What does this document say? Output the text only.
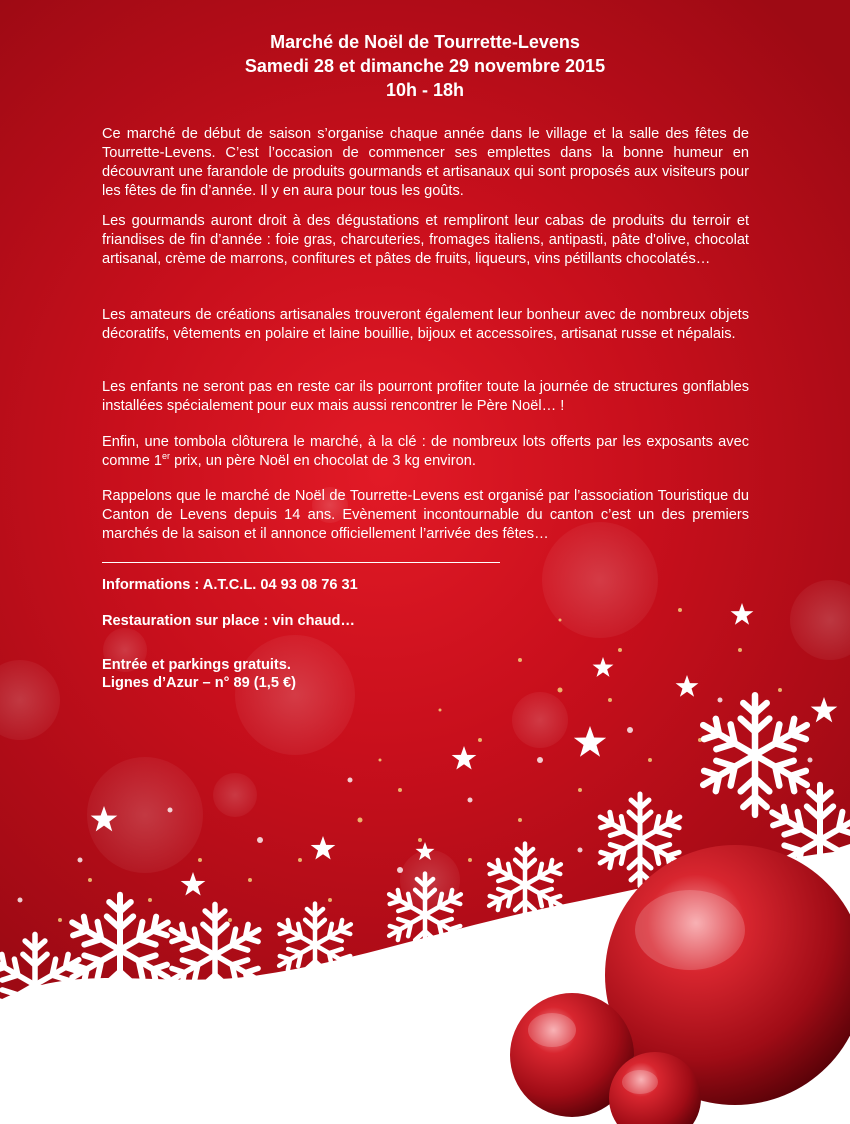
Marché de Noël de Tourrette-Levens
Samedi 28 et dimanche 29 novembre 2015
10h - 18h
Ce marché de début de saison s’organise chaque année dans le village et la salle des fêtes de Tourrette-Levens. C’est l’occasion de commencer ses emplettes dans la bonne humeur en découvrant une farandole de produits gourmands et artisanaux qui sont proposés aux visiteurs pour les fêtes de fin d’année. Il y en aura pour tous les goûts.
Les gourmands auront droit à des dégustations et rempliront leur cabas de produits du terroir et friandises de fin d’année : foie gras, charcuteries, fromages italiens, antipasti, pâte d'olive, chocolat artisanal, crème de marrons, confitures et pâtes de fruits, liqueurs, vins pétillants chocolatés…
Les amateurs de créations artisanales trouveront également leur bonheur avec de nombreux objets décoratifs, vêtements en polaire et laine bouillie, bijoux et accessoires, artisanat russe et népalais.
Les enfants ne seront pas en reste car ils pourront profiter toute la journée de structures gonflables installées spécialement pour eux mais aussi rencontrer le Père Noël… !
Enfin, une tombola clôturera le marché, à la clé : de nombreux lots offerts par les exposants avec comme 1er prix, un père Noël en chocolat de 3 kg environ.
Rappelons que le marché de Noël de Tourrette-Levens est organisé par l’association Touristique du Canton de Levens depuis 14 ans. Evènement incontournable du canton c’est un des premiers marchés de la saison et il annonce officiellement l’arrivée des fêtes…
Informations : A.T.C.L. 04 93 08 76 31
Restauration sur place : vin chaud…
Entrée et parkings gratuits.
Lignes d’Azur – n° 89 (1,5 €)
